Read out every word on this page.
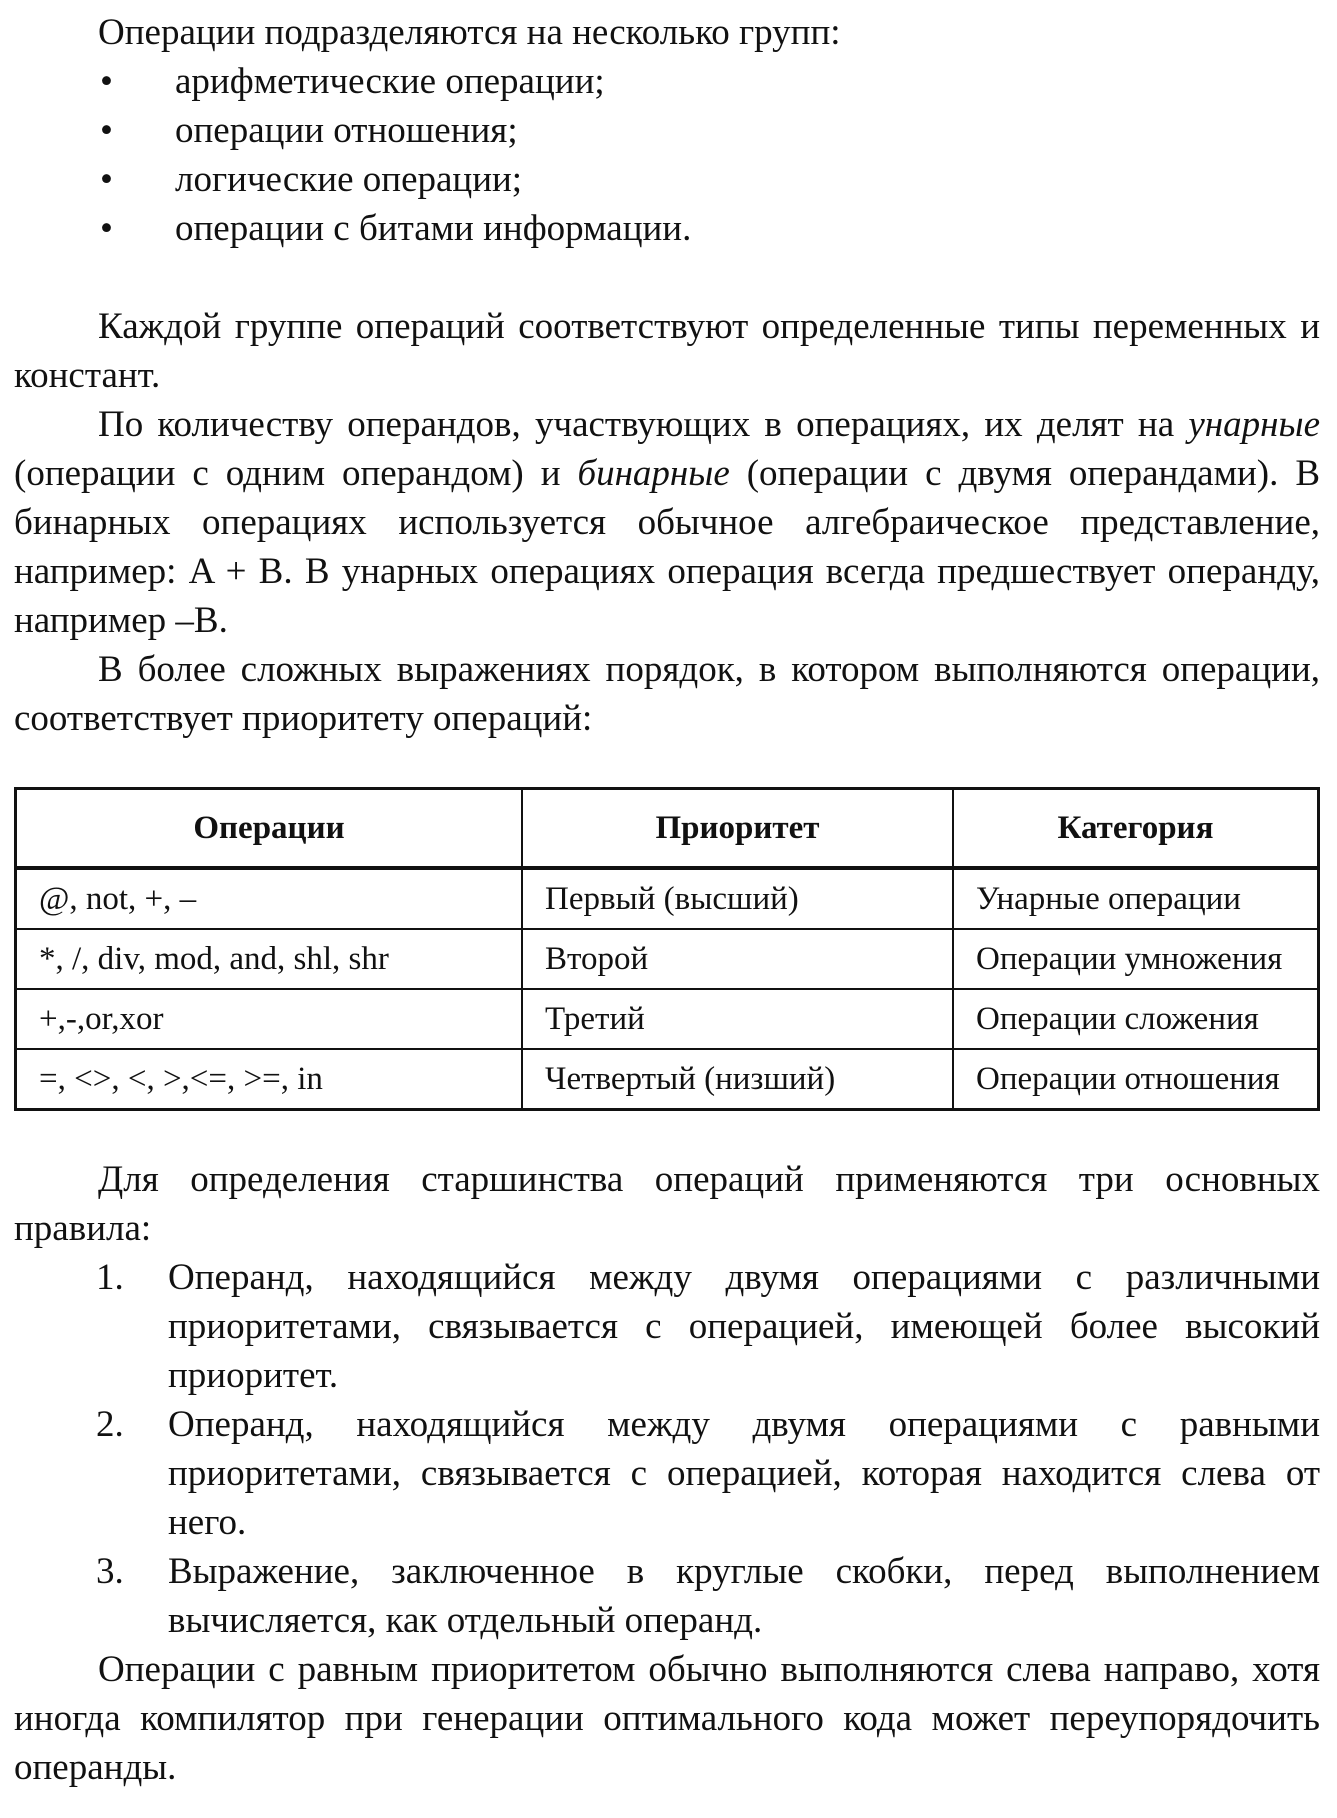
Операции подразделяются на несколько групп:

• арифметические операции;
• операции отношения;
• логические операции;
• операции с битами информации.

Каждой группе операций соответствуют определенные типы переменных и констант.

По количеству операндов, участвующих в операциях, их делят на унарные (операции с одним операндом) и бинарные (операции с двумя операндами). В бинарных операциях используется обычное алгебраическое представление, например: A + B. В унарных операциях операция всегда предшествует операнду, например –B.

В более сложных выражениях порядок, в котором выполняются операции, соответствует приоритету операций:

Операции	Приоритет	Категория
@, not, +, –	Первый (высший)	Унарные операции
*, /, div, mod, and, shl, shr	Второй	Операции умножения
+,-,or,xor	Третий	Операции сложения
=, <>, <, >,<=, >=, in	Четвертый (низший)	Операции отношения

Для определения старшинства операций применяются три основных правила:

1. Операнд, находящийся между двумя операциями с различными приоритетами, связывается с операцией, имеющей более высокий приоритет.
2. Операнд, находящийся между двумя операциями с равными приоритетами, связывается с операцией, которая находится слева от него.
3. Выражение, заключенное в круглые скобки, перед выполнением вычисляется, как отдельный операнд.

Операции с равным приоритетом обычно выполняются слева направо, хотя иногда компилятор при генерации оптимального кода может переупорядочить операнды.
